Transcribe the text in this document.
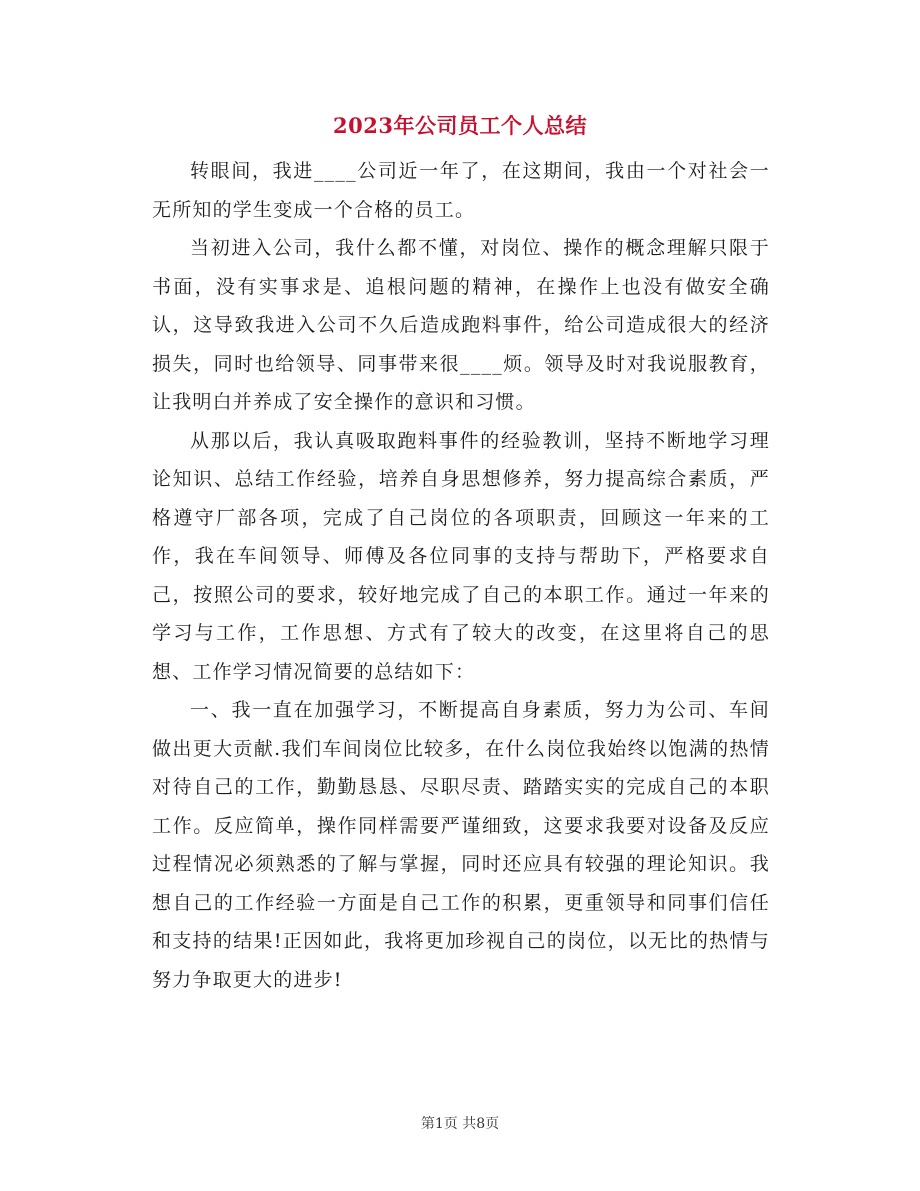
2023年公司员工个人总结

转眼间，我进____公司近一年了，在这期间，我由一个对社会一无所知的学生变成一个合格的员工。

当初进入公司，我什么都不懂，对岗位、操作的概念理解只限于书面，没有实事求是、追根问题的精神，在操作上也没有做安全确认，这导致我进入公司不久后造成跑料事件，给公司造成很大的经济损失，同时也给领导、同事带来很____烦。领导及时对我说服教育，让我明白并养成了安全操作的意识和习惯。

从那以后，我认真吸取跑料事件的经验教训，坚持不断地学习理论知识、总结工作经验，培养自身思想修养，努力提高综合素质，严格遵守厂部各项，完成了自己岗位的各项职责，回顾这一年来的工作，我在车间领导、师傅及各位同事的支持与帮助下，严格要求自己，按照公司的要求，较好地完成了自己的本职工作。通过一年来的学习与工作，工作思想、方式有了较大的改变，在这里将自己的思想、工作学习情况简要的总结如下：

一、我一直在加强学习，不断提高自身素质，努力为公司、车间做出更大贡献.我们车间岗位比较多，在什么岗位我始终以饱满的热情对待自己的工作，勤勤恳恳、尽职尽责、踏踏实实的完成自己的本职工作。反应简单，操作同样需要严谨细致，这要求我要对设备及反应过程情况必须熟悉的了解与掌握，同时还应具有较强的理论知识。我想自己的工作经验一方面是自己工作的积累，更重领导和同事们信任和支持的结果!正因如此，我将更加珍视自己的岗位，以无比的热情与努力争取更大的进步!

第1页 共8页
